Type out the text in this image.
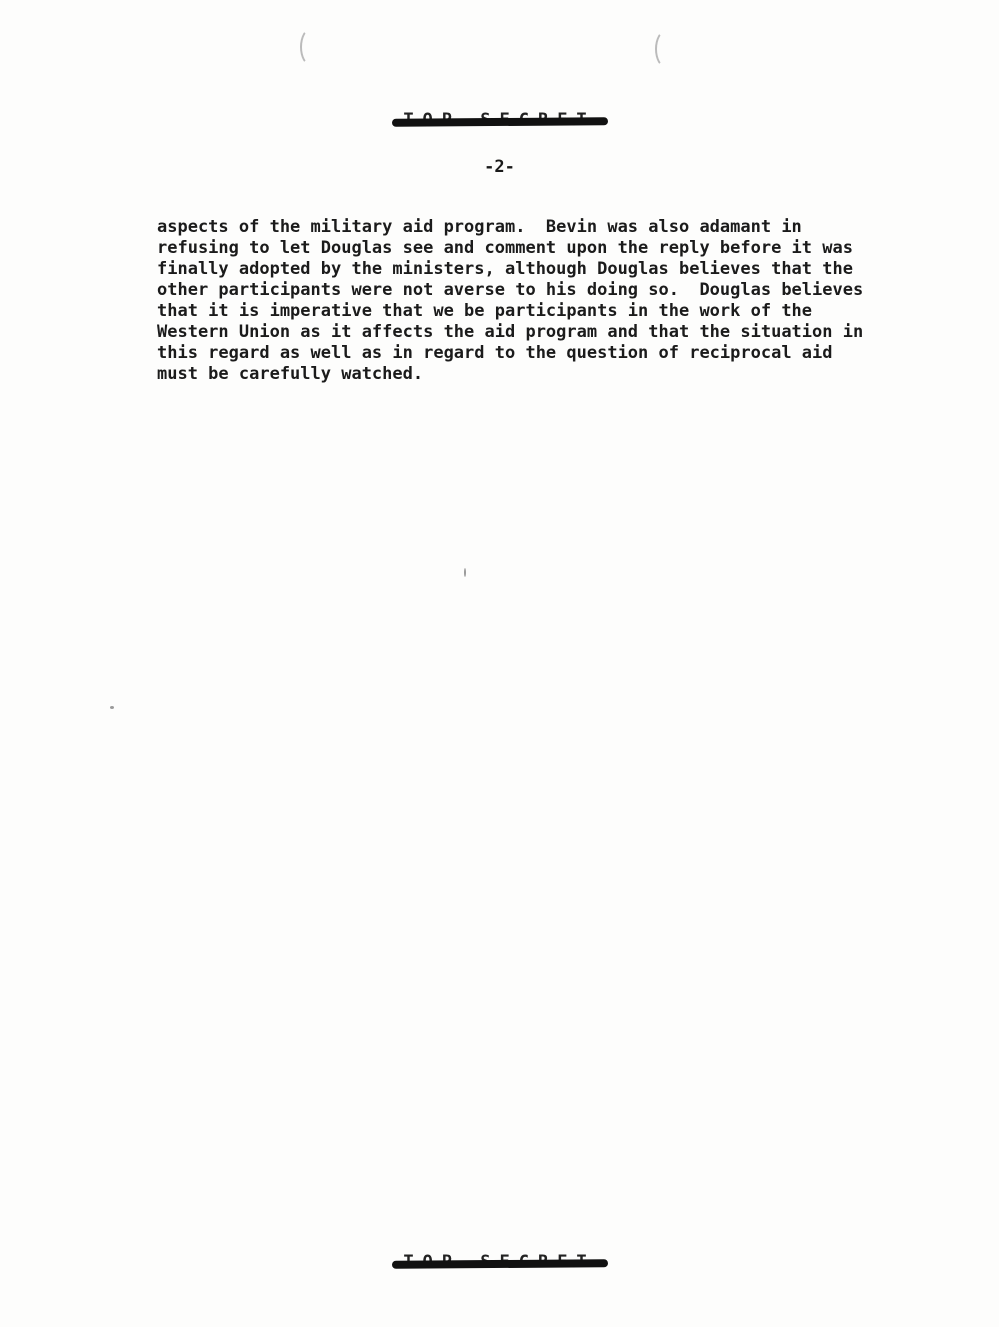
-2-
aspects of the military aid program.  Bevin was also adamant in
refusing to let Douglas see and comment upon the reply before it was
finally adopted by the ministers, although Douglas believes that the
other participants were not averse to his doing so.  Douglas believes
that it is imperative that we be participants in the work of the
Western Union as it affects the aid program and that the situation in
this regard as well as in regard to the question of reciprocal aid
must be carefully watched.
